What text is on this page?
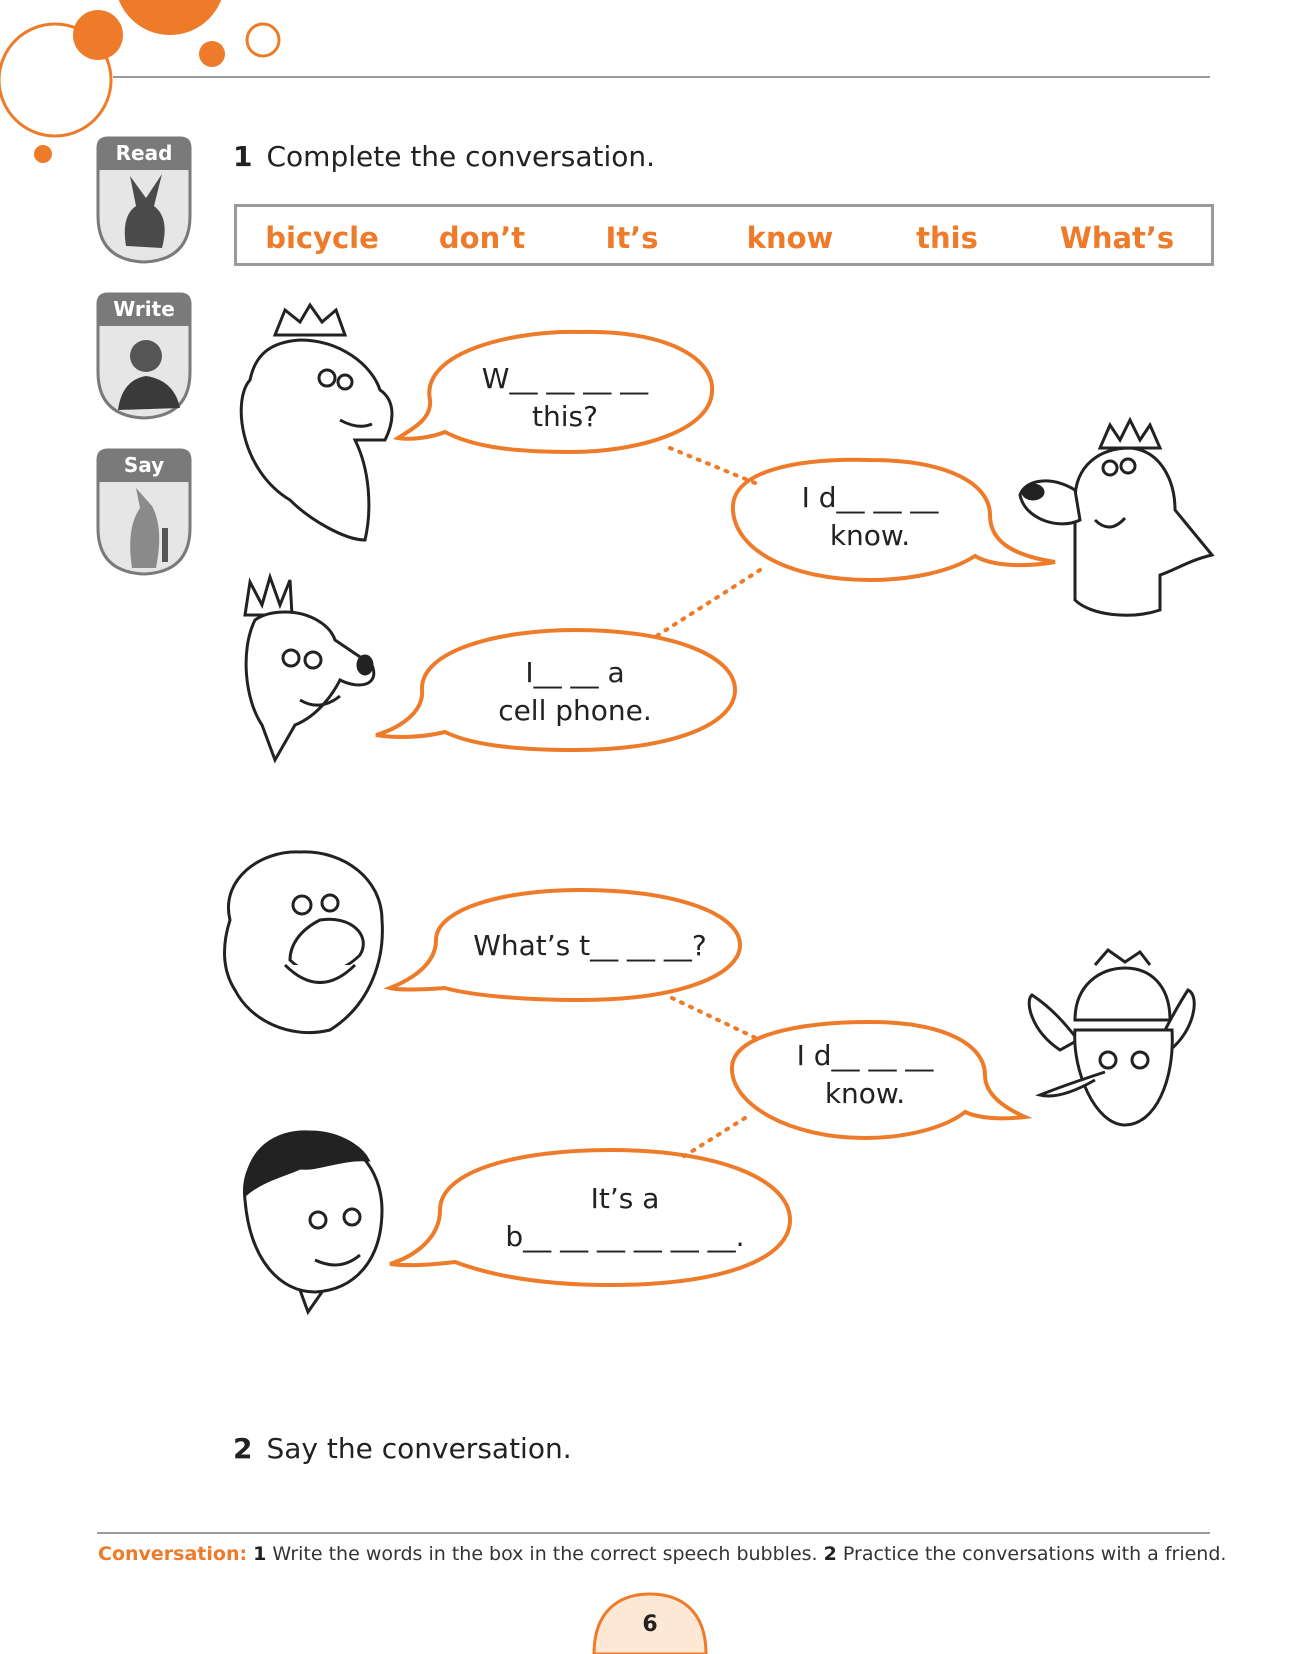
Read
Write
Say
1 Complete the conversation.
bicycle don’t	It’s	know	this	What’s
W__ __ __ __
this?
I d__ __ __
know.
I__ __ a
cell phone.
What’s t__ __ __?
I d__ __ __
know.
It’s a
b__ __ __ __ __ __.
2 Say the conversation.
Conversation: 1 Write the words in the box in the correct speech bubbles. 2 Practice the conversations with a friend.
6
